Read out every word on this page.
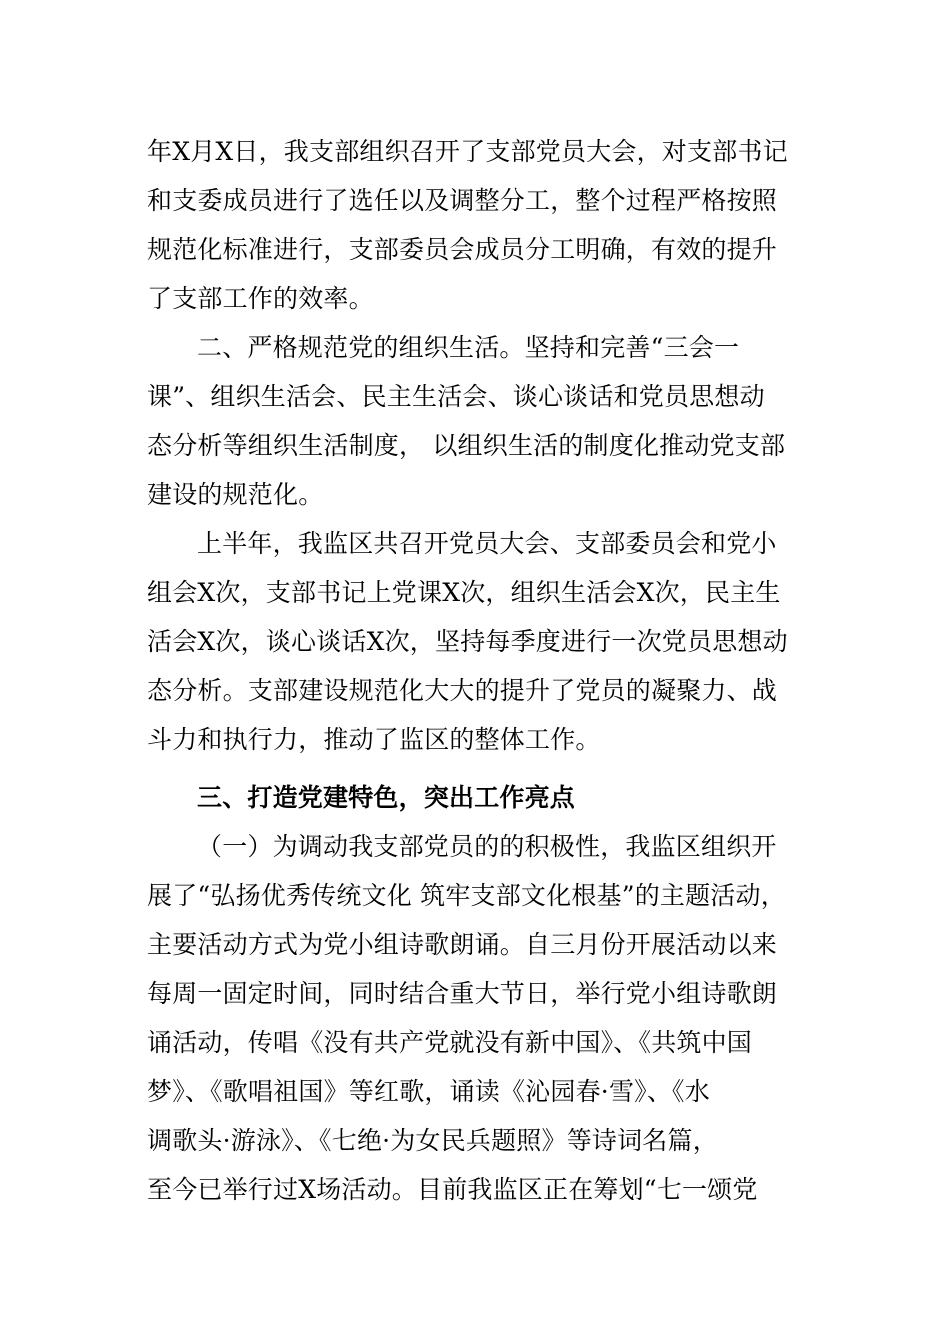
年X月X日，我支部组织召开了支部党员大会，对支部书记
和支委成员进行了选任以及调整分工，整个过程严格按照
规范化标准进行，支部委员会成员分工明确，有效的提升
了支部工作的效率。
二、严格规范党的组织生活。坚持和完善“三会一
课”、组织生活会、民主生活会、谈心谈话和党员思想动
态分析等组织生活制度， 以组织生活的制度化推动党支部
建设的规范化。
上半年，我监区共召开党员大会、支部委员会和党小
组会X次，支部书记上党课X次，组织生活会X次，民主生
活会X次，谈心谈话X次，坚持每季度进行一次党员思想动
态分析。支部建设规范化大大的提升了党员的凝聚力、战
斗力和执行力，推动了监区的整体工作。
三、打造党建特色，突出工作亮点
（一）为调动我支部党员的的积极性，我监区组织开
展了“弘扬优秀传统文化 筑牢支部文化根基”的主题活动，
主要活动方式为党小组诗歌朗诵。自三月份开展活动以来
每周一固定时间，同时结合重大节日，举行党小组诗歌朗
诵活动，传唱《没有共产党就没有新中国》、《共筑中国
梦》、《歌唱祖国》等红歌，诵读《沁园春·雪》、《水
调歌头·游泳》、《七绝·为女民兵题照》等诗词名篇，
至今已举行过X场活动。目前我监区正在筹划“七一颂党
